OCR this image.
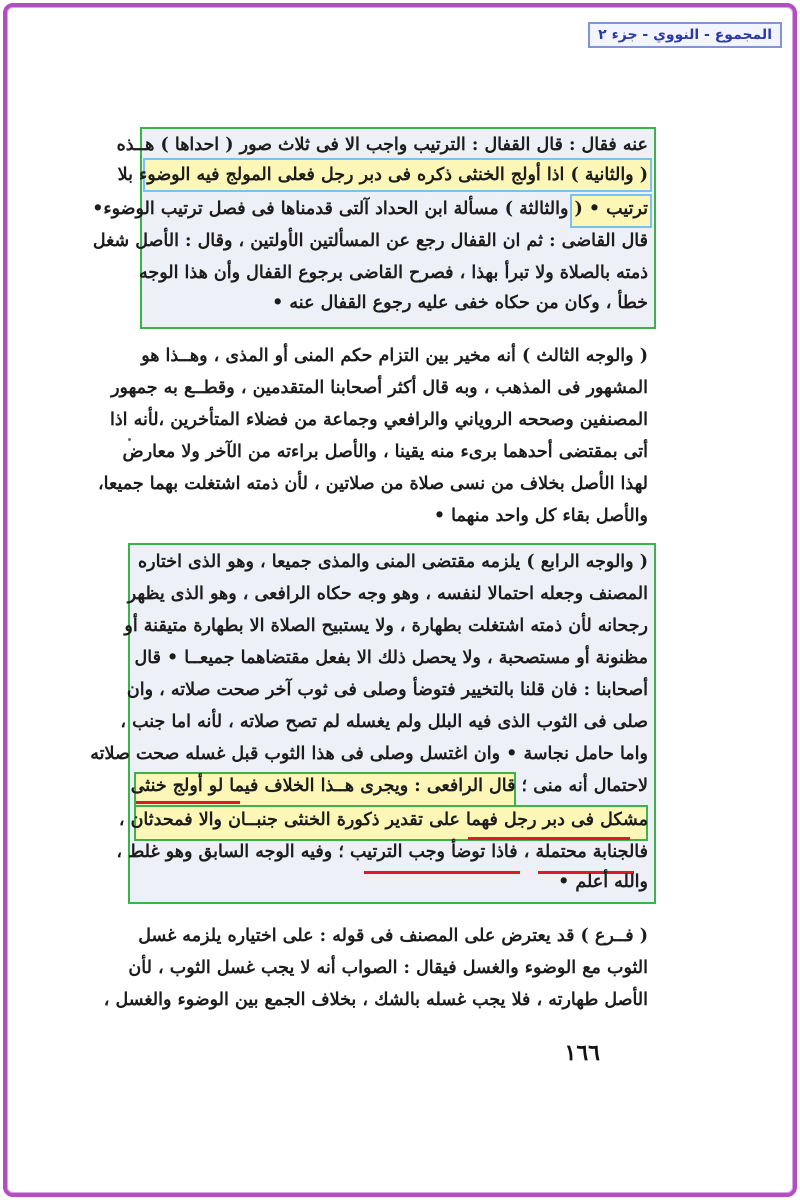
المجموع - النووي - جزء ٢
عنه فقال : قال القفال : الترتيب واجب الا فى ثلاث صور ( احداها ) هــذه
( والثانية ) اذا أولج الخنثى ذكره فى دبر رجل فعلى المولج فيه الوضوء بلا
ترتيب • ( والثالثة ) مسألة ابن الحداد آلتى قدمناها فى فصل ترتيب الوضوء•
قال القاضى : ثم ان القفال رجع عن المسألتين الأولتين ، وقال : الأصل شغل
ذمته بالصلاة ولا تبرأ بهذا ، فصرح القاضى برجوع القفال وأن هذا الوجه
خطأ ، وكان من حكاه خفى عليه رجوع القفال عنه •
( والوجه الثالث ) أنه مخير بين التزام حكم المنى أو المذى ، وهــذا هو
المشهور فى المذهب ، وبه قال أكثر أصحابنا المتقدمين ، وقطــع به جمهور
المصنفين وصححه الروياني والرافعي وجماعة من فضلاء المتأخرين ،لأنه اذا
أتى بمقتضى أحدهما برىء منه يقينا ، والأصل براءته من الآخر ولا معارض
لهذا الأصل بخلاف من نسى صلاة من صلاتين ، لأن ذمته اشتغلت بهما جميعا،
والأصل بقاء كل واحد منهما •
( والوجه الرابع ) يلزمه مقتضى المنى والمذى جميعا ، وهو الذى اختاره
المصنف وجعله احتمالا لنفسه ، وهو وجه حكاه الرافعى ، وهو الذى يظهر
رجحانه لأن ذمته اشتغلت بطهارة ، ولا يستبيح الصلاة الا بطهارة متيقنة أو
مظنونة أو مستصحبة ، ولا يحصل ذلك الا بفعل مقتضاهما جميعــا • قال
أصحابنا : فان قلنا بالتخيير فتوضأ وصلى فى ثوب آخر صحت صلاته ، وان
صلى فى الثوب الذى فيه البلل ولم يغسله لم تصح صلاته ، لأنه اما جنب ،
واما حامل نجاسة • وان اغتسل وصلى فى هذا الثوب قبل غسله صحت صلاته
لاحتمال أنه منى ؛ قال الرافعى : ويجرى هــذا الخلاف فيما لو أولج خنثى
مشكل فى دبر رجل فهما على تقدير ذكورة الخنثى جنبــان والا فمحدثان ،
فالجنابة محتملة ، فاذا توضأ وجب الترتيب ؛ وفيه الوجه السابق وهو غلط ،
والله أعلم •
( فــرع ) قد يعترض على المصنف فى قوله : على اختياره يلزمه غسل
الثوب مع الوضوء والغسل فيقال : الصواب أنه لا يجب غسل الثوب ، لأن
الأصل طهارته ، فلا يجب غسله بالشك ، بخلاف الجمع بين الوضوء والغسل ،
١٦٦
